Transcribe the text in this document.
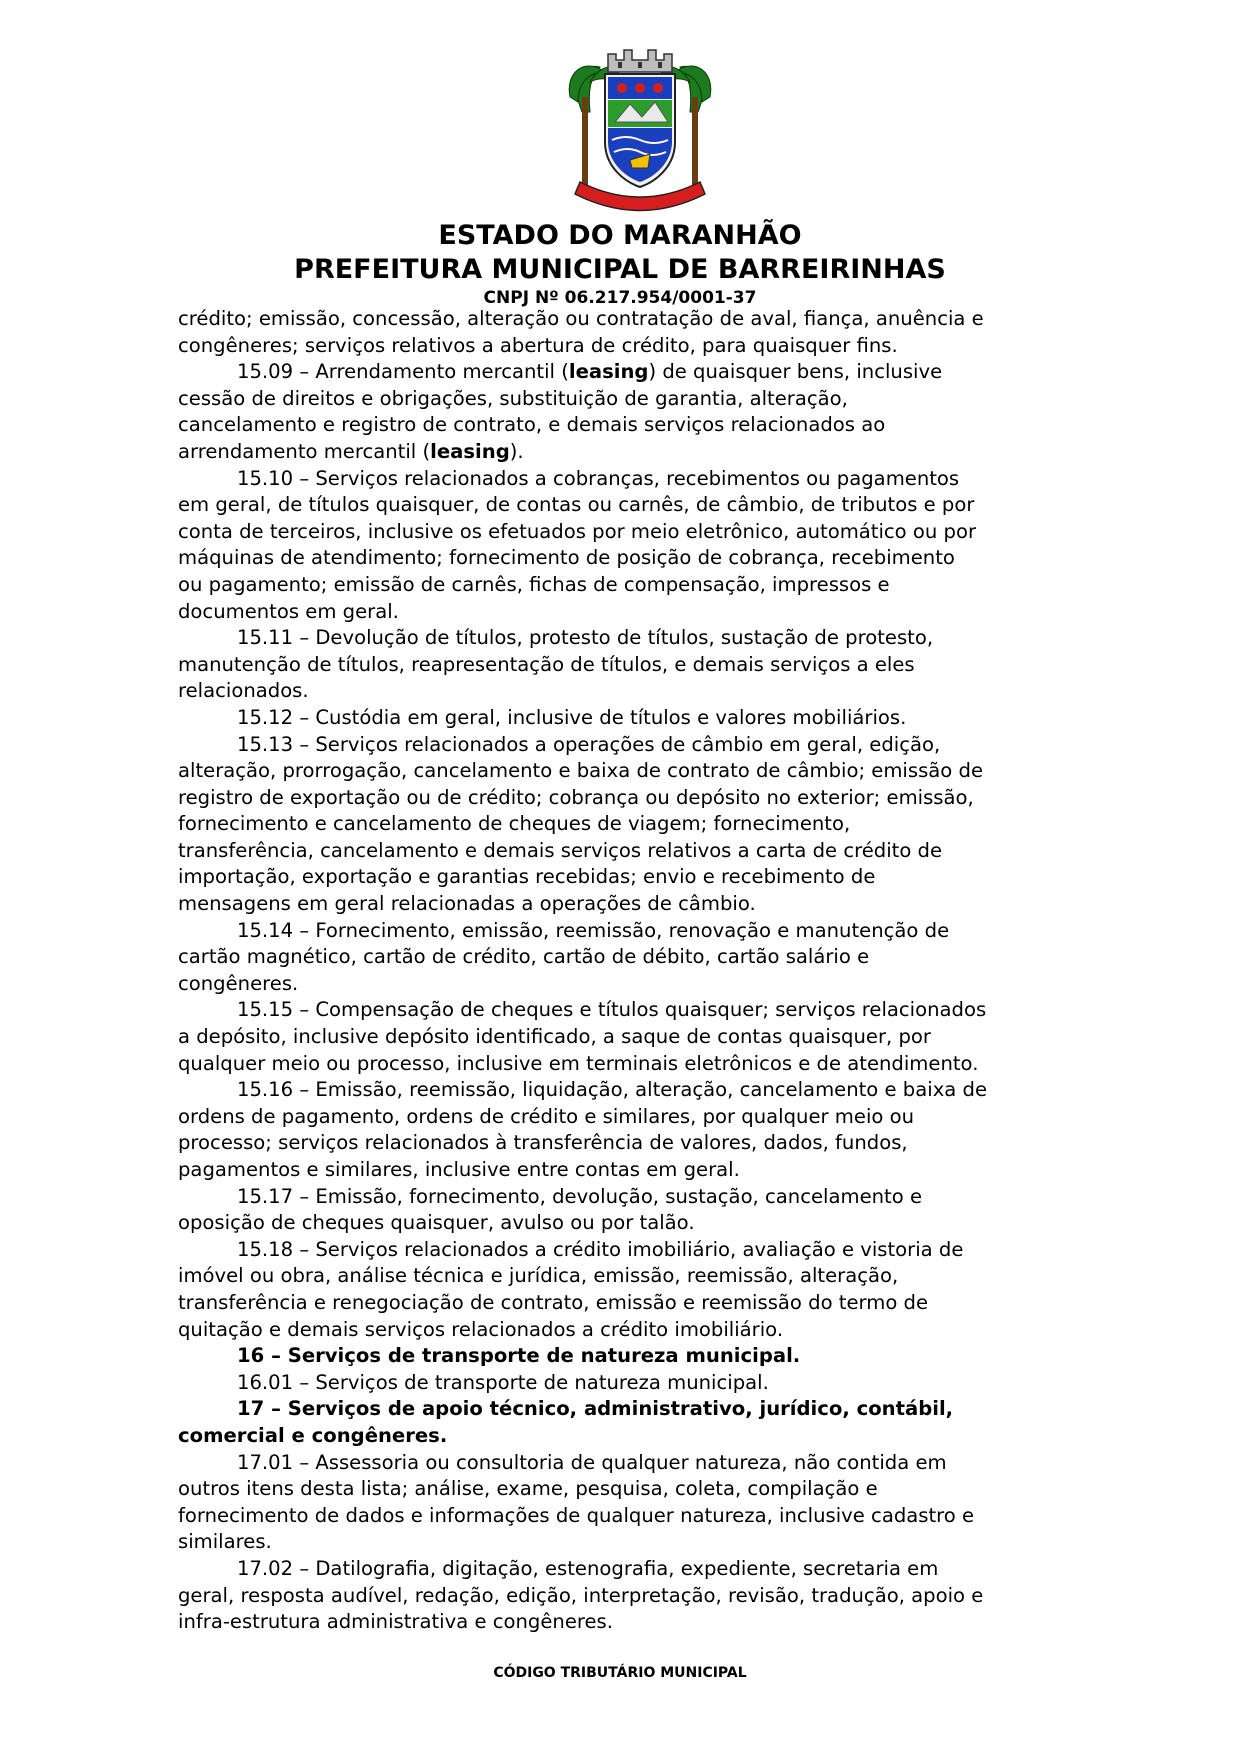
ESTADO DO MARANHÃO
PREFEITURA MUNICIPAL DE BARREIRINHAS
CNPJ Nº 06.217.954/0001-37
crédito; emissão, concessão, alteração ou contratação de aval, fiança, anuência e
congêneres; serviços relativos a abertura de crédito, para quaisquer fins.
15.09 – Arrendamento mercantil (leasing) de quaisquer bens, inclusive
cessão de direitos e obrigações, substituição de garantia, alteração,
cancelamento e registro de contrato, e demais serviços relacionados ao
arrendamento mercantil (leasing).
15.10 – Serviços relacionados a cobranças, recebimentos ou pagamentos
em geral, de títulos quaisquer, de contas ou carnês, de câmbio, de tributos e por
conta de terceiros, inclusive os efetuados por meio eletrônico, automático ou por
máquinas de atendimento; fornecimento de posição de cobrança, recebimento
ou pagamento; emissão de carnês, fichas de compensação, impressos e
documentos em geral.
15.11 – Devolução de títulos, protesto de títulos, sustação de protesto,
manutenção de títulos, reapresentação de títulos, e demais serviços a eles
relacionados.
15.12 – Custódia em geral, inclusive de títulos e valores mobiliários.
15.13 – Serviços relacionados a operações de câmbio em geral, edição,
alteração, prorrogação, cancelamento e baixa de contrato de câmbio; emissão de
registro de exportação ou de crédito; cobrança ou depósito no exterior; emissão,
fornecimento e cancelamento de cheques de viagem; fornecimento,
transferência, cancelamento e demais serviços relativos a carta de crédito de
importação, exportação e garantias recebidas; envio e recebimento de
mensagens em geral relacionadas a operações de câmbio.
15.14 – Fornecimento, emissão, reemissão, renovação e manutenção de
cartão magnético, cartão de crédito, cartão de débito, cartão salário e
congêneres.
15.15 – Compensação de cheques e títulos quaisquer; serviços relacionados
a depósito, inclusive depósito identificado, a saque de contas quaisquer, por
qualquer meio ou processo, inclusive em terminais eletrônicos e de atendimento.
15.16 – Emissão, reemissão, liquidação, alteração, cancelamento e baixa de
ordens de pagamento, ordens de crédito e similares, por qualquer meio ou
processo; serviços relacionados à transferência de valores, dados, fundos,
pagamentos e similares, inclusive entre contas em geral.
15.17 – Emissão, fornecimento, devolução, sustação, cancelamento e
oposição de cheques quaisquer, avulso ou por talão.
15.18 – Serviços relacionados a crédito imobiliário, avaliação e vistoria de
imóvel ou obra, análise técnica e jurídica, emissão, reemissão, alteração,
transferência e renegociação de contrato, emissão e reemissão do termo de
quitação e demais serviços relacionados a crédito imobiliário.
16 – Serviços de transporte de natureza municipal.
16.01 – Serviços de transporte de natureza municipal.
17 – Serviços de apoio técnico, administrativo, jurídico, contábil,
comercial e congêneres.
17.01 – Assessoria ou consultoria de qualquer natureza, não contida em
outros itens desta lista; análise, exame, pesquisa, coleta, compilação e
fornecimento de dados e informações de qualquer natureza, inclusive cadastro e
similares.
17.02 – Datilografia, digitação, estenografia, expediente, secretaria em
geral, resposta audível, redação, edição, interpretação, revisão, tradução, apoio e
infra-estrutura administrativa e congêneres.
CÓDIGO TRIBUTÁRIO MUNICIPAL
